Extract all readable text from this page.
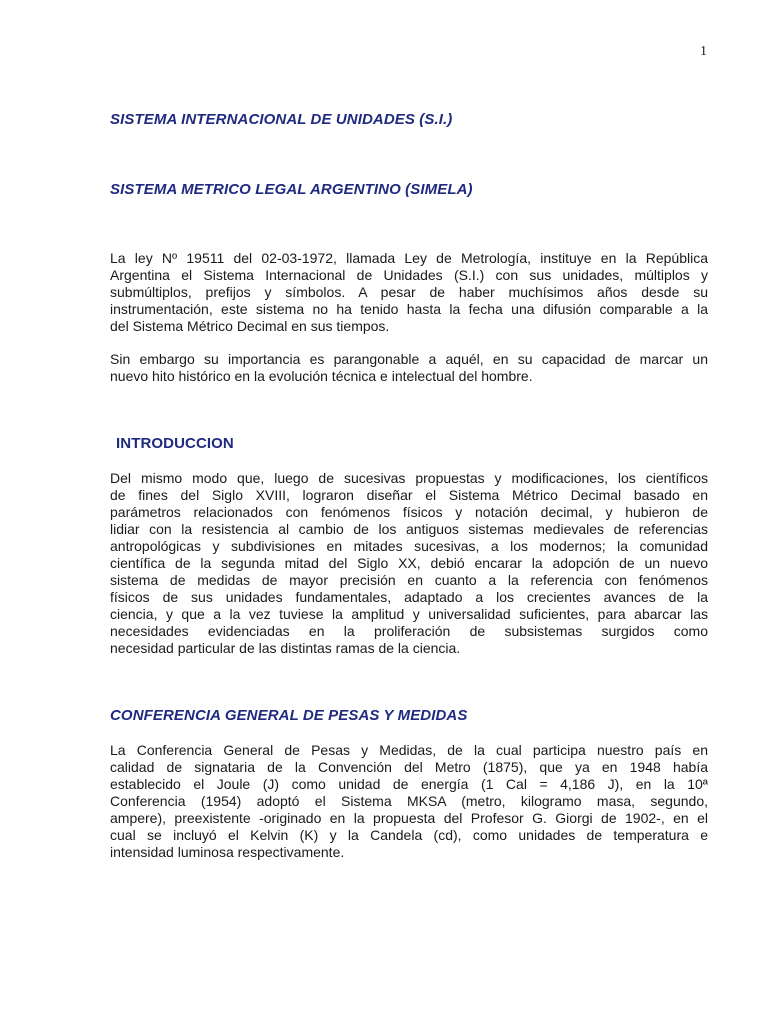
1
SISTEMA INTERNACIONAL DE UNIDADES (S.I.)
SISTEMA METRICO LEGAL ARGENTINO (SIMELA)

La ley Nº 19511 del 02-03-1972, llamada Ley de Metrología, instituye en la República
Argentina el Sistema Internacional de Unidades (S.I.) con sus unidades, múltiplos y
submúltiplos, prefijos y símbolos. A pesar de haber muchísimos años desde su
instrumentación, este sistema no ha tenido hasta la fecha una difusión comparable a la
del Sistema Métrico Decimal en sus tiempos.

Sin embargo su importancia es parangonable a aquél, en su capacidad de marcar un
nuevo hito histórico en la evolución técnica e intelectual del hombre.

INTRODUCCION

Del mismo modo que, luego de sucesivas propuestas y modificaciones, los científicos
de fines del Siglo XVIII, lograron diseñar el Sistema Métrico Decimal basado en
parámetros relacionados con fenómenos físicos y notación decimal, y hubieron de
lidiar con la resistencia al cambio de los antiguos sistemas medievales de referencias
antropológicas y subdivisiones en mitades sucesivas, a los modernos; la comunidad
científica de la segunda mitad del Siglo XX, debió encarar la adopción de un nuevo
sistema de medidas de mayor precisión en cuanto a la referencia con fenómenos
físicos de sus unidades fundamentales, adaptado a los crecientes avances de la
ciencia, y que a la vez tuviese la amplitud y universalidad suficientes, para abarcar las
necesidades evidenciadas en la proliferación de subsistemas surgidos como
necesidad particular de las distintas ramas de la ciencia.

CONFERENCIA GENERAL DE PESAS Y MEDIDAS

La Conferencia General de Pesas y Medidas, de la cual participa nuestro país en
calidad de signataria de la Convención del Metro (1875), que ya en 1948 había
establecido el Joule (J) como unidad de energía (1 Cal = 4,186 J), en la 10ª
Conferencia (1954) adoptó el Sistema MKSA (metro, kilogramo masa, segundo,
ampere), preexistente -originado en la propuesta del Profesor G. Giorgi de 1902-, en el
cual se incluyó el Kelvin (K) y la Candela (cd), como unidades de temperatura e
intensidad luminosa respectivamente.
